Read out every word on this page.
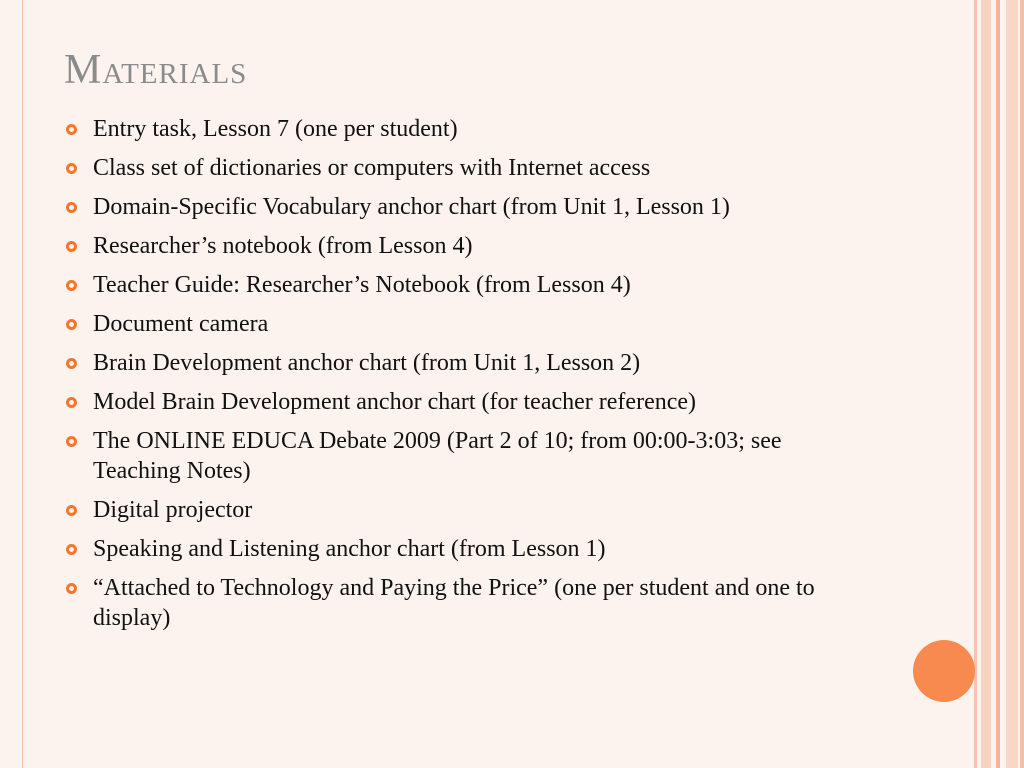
Materials
Entry task, Lesson 7 (one per student)
Class set of dictionaries or computers with Internet access
Domain-Specific Vocabulary anchor chart (from Unit 1, Lesson 1)
Researcher’s notebook (from Lesson 4)
Teacher Guide: Researcher’s Notebook (from Lesson 4)
Document camera
Brain Development anchor chart (from Unit 1, Lesson 2)
Model Brain Development anchor chart (for teacher reference)
The ONLINE EDUCA Debate 2009 (Part 2 of 10; from 00:00-3:03; see Teaching Notes)
Digital projector
Speaking and Listening anchor chart (from Lesson 1)
“Attached to Technology and Paying the Price” (one per student and one to display)
